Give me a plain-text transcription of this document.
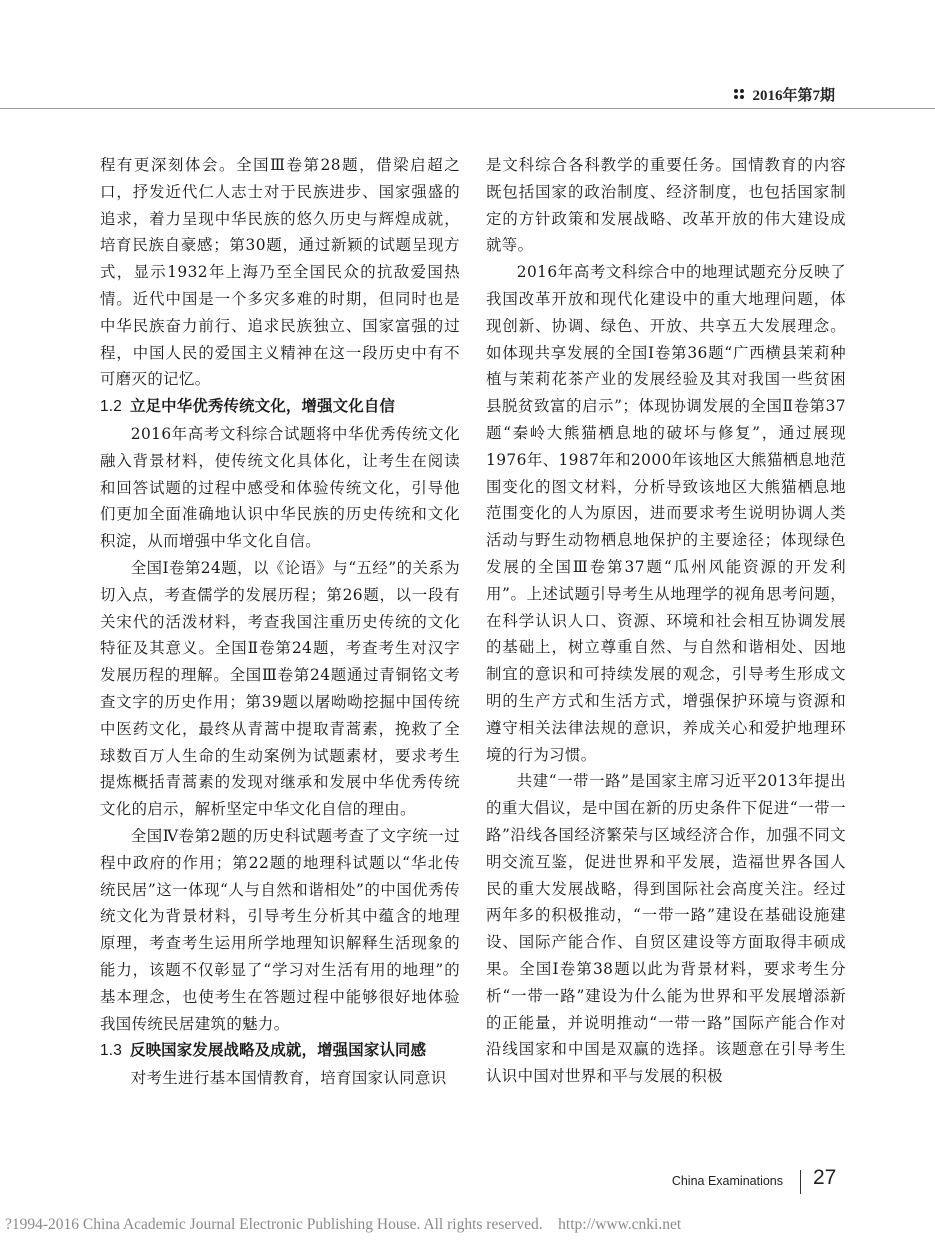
2016年第7期

程有更深刻体会。全国Ⅲ卷第28题，借梁启超之口，抒发近代仁人志士对于民族进步、国家强盛的追求，着力呈现中华民族的悠久历史与辉煌成就，培育民族自豪感；第30题，通过新颖的试题呈现方式，显示1932年上海乃至全国民众的抗敌爱国热情。近代中国是一个多灾多难的时期，但同时也是中华民族奋力前行、追求民族独立、国家富强的过程，中国人民的爱国主义精神在这一段历史中有不可磨灭的记忆。

1.2 立足中华优秀传统文化，增强文化自信

2016年高考文科综合试题将中华优秀传统文化融入背景材料，使传统文化具体化，让考生在阅读和回答试题的过程中感受和体验传统文化，引导他们更加全面准确地认识中华民族的历史传统和文化积淀，从而增强中华文化自信。

全国Ⅰ卷第24题，以《论语》与“五经”的关系为切入点，考查儒学的发展历程；第26题，以一段有关宋代的活泼材料，考查我国注重历史传统的文化特征及其意义。全国Ⅱ卷第24题，考查考生对汉字发展历程的理解。全国Ⅲ卷第24题通过青铜铭文考查文字的历史作用；第39题以屠呦呦挖掘中国传统中医药文化，最终从青蒿中提取青蒿素，挽救了全球数百万人生命的生动案例为试题素材，要求考生提炼概括青蒿素的发现对继承和发展中华优秀传统文化的启示，解析坚定中华文化自信的理由。

全国Ⅳ卷第2题的历史科试题考查了文字统一过程中政府的作用；第22题的地理科试题以“华北传统民居”这一体现“人与自然和谐相处”的中国优秀传统文化为背景材料，引导考生分析其中蕴含的地理原理，考查考生运用所学地理知识解释生活现象的能力，该题不仅彰显了“学习对生活有用的地理”的基本理念，也使考生在答题过程中能够很好地体验我国传统民居建筑的魅力。

1.3 反映国家发展战略及成就，增强国家认同感

对考生进行基本国情教育，培育国家认同意识

是文科综合各科教学的重要任务。国情教育的内容既包括国家的政治制度、经济制度，也包括国家制定的方针政策和发展战略、改革开放的伟大建设成就等。

2016年高考文科综合中的地理试题充分反映了我国改革开放和现代化建设中的重大地理问题，体现创新、协调、绿色、开放、共享五大发展理念。如体现共享发展的全国Ⅰ卷第36题“广西横县茉莉种植与茉莉花茶产业的发展经验及其对我国一些贫困县脱贫致富的启示”；体现协调发展的全国Ⅱ卷第37题“秦岭大熊猫栖息地的破坏与修复”，通过展现1976年、1987年和2000年该地区大熊猫栖息地范围变化的图文材料，分析导致该地区大熊猫栖息地范围变化的人为原因，进而要求考生说明协调人类活动与野生动物栖息地保护的主要途径；体现绿色发展的全国Ⅲ卷第37题“瓜州风能资源的开发利用”。上述试题引导考生从地理学的视角思考问题，在科学认识人口、资源、环境和社会相互协调发展的基础上，树立尊重自然、与自然和谐相处、因地制宜的意识和可持续发展的观念，引导考生形成文明的生产方式和生活方式，增强保护环境与资源和遵守相关法律法规的意识，养成关心和爱护地理环境的行为习惯。

共建“一带一路”是国家主席习近平2013年提出的重大倡议，是中国在新的历史条件下促进“一带一路”沿线各国经济繁荣与区域经济合作，加强不同文明交流互鉴，促进世界和平发展，造福世界各国人民的重大发展战略，得到国际社会高度关注。经过两年多的积极推动，“一带一路”建设在基础设施建设、国际产能合作、自贸区建设等方面取得丰硕成果。全国Ⅰ卷第38题以此为背景材料，要求考生分析“一带一路”建设为什么能为世界和平发展增添新的正能量，并说明推动“一带一路”国际产能合作对沿线国家和中国是双赢的选择。该题意在引导考生认识中国对世界和平与发展的积极

China Examinations 27
?1994-2016 China Academic Journal Electronic Publishing House. All rights reserved.    http://www.cnki.net
